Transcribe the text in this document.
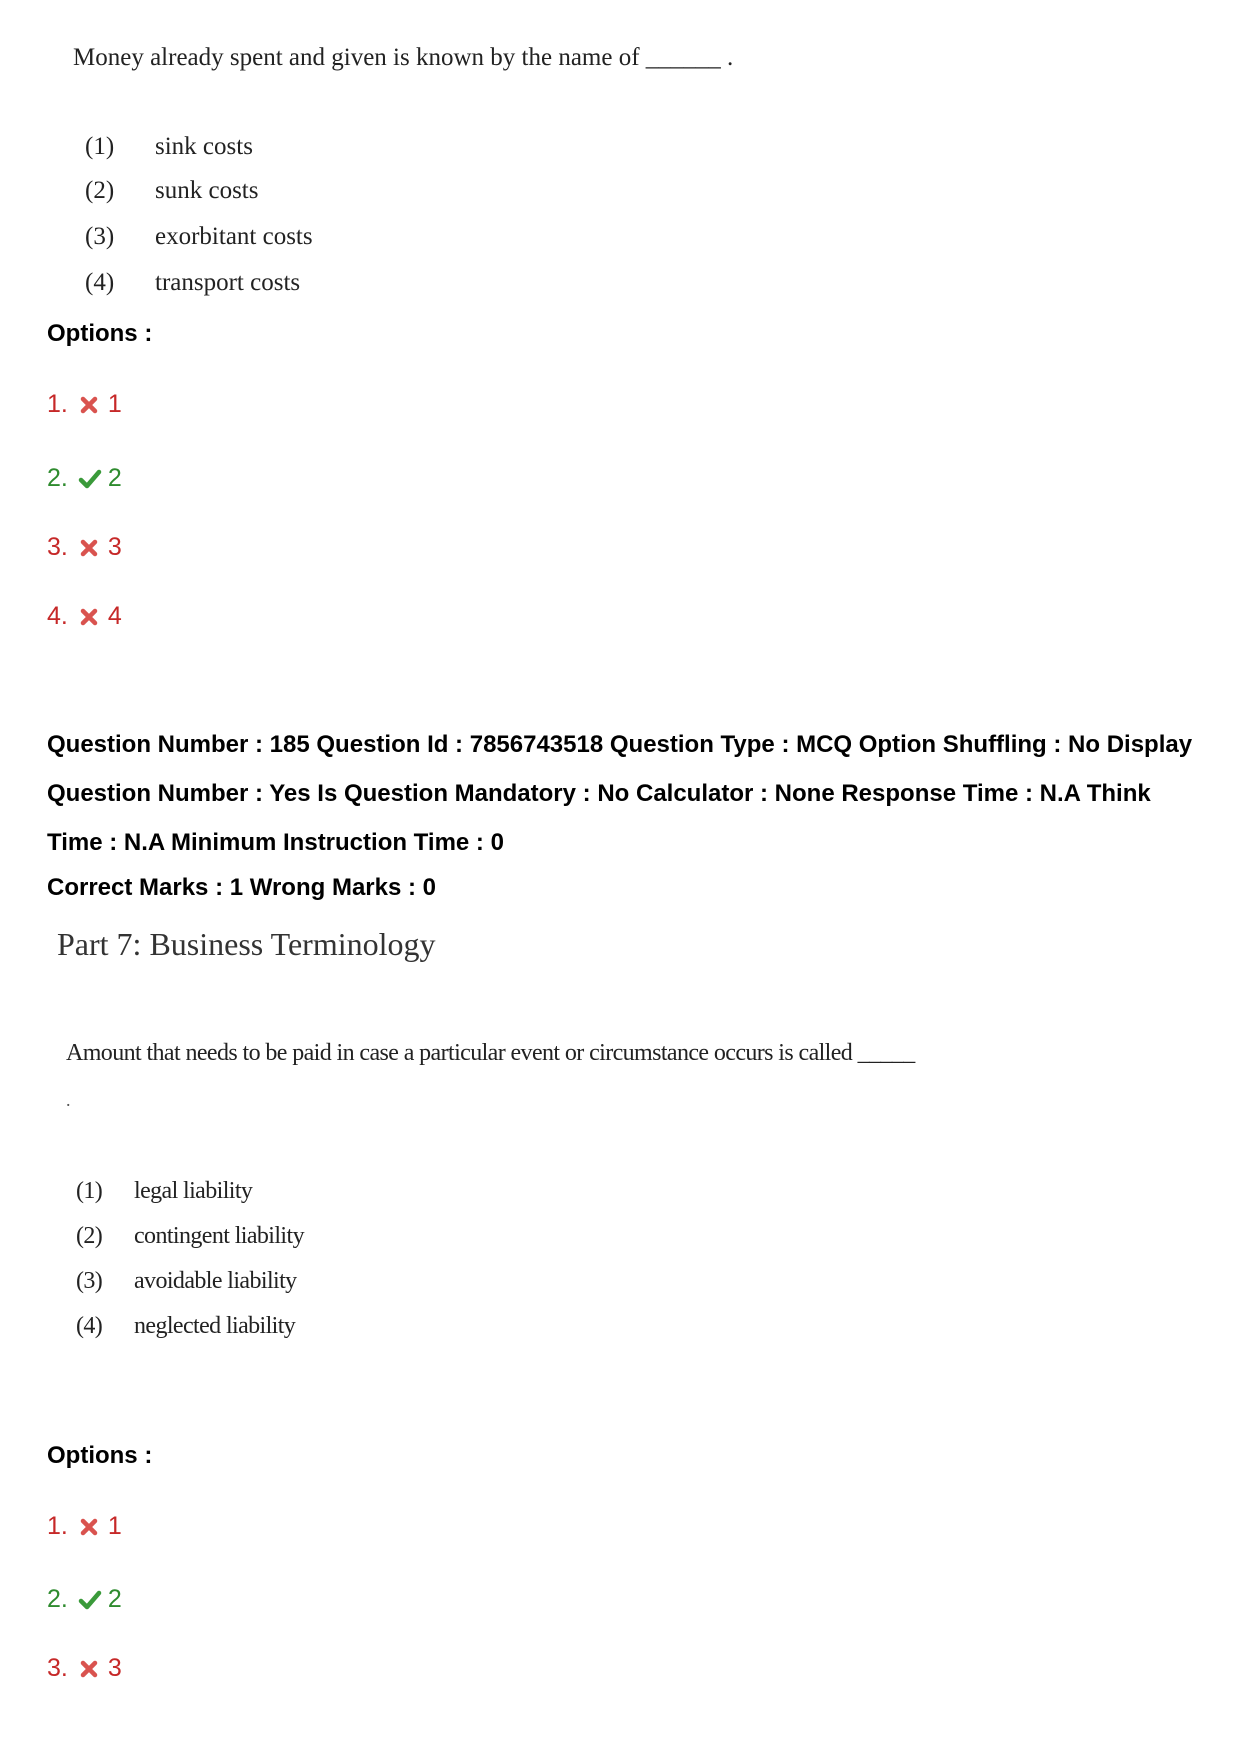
Money already spent and given is known by the name of ______ .
(1) sink costs
(2) sunk costs
(3) exorbitant costs
(4) transport costs
Options :
1. 1
2. 2
3. 3
4. 4
Question Number : 185 Question Id : 7856743518 Question Type : MCQ Option Shuffling : No Display Question Number : Yes Is Question Mandatory : No Calculator : None Response Time : N.A Think Time : N.A Minimum Instruction Time : 0
Correct Marks : 1 Wrong Marks : 0
Part 7: Business Terminology
Amount that needs to be paid in case a particular event or circumstance occurs is called _____
.
(1) legal liability
(2) contingent liability
(3) avoidable liability
(4) neglected liability
Options :
1. 1
2. 2
3. 3
